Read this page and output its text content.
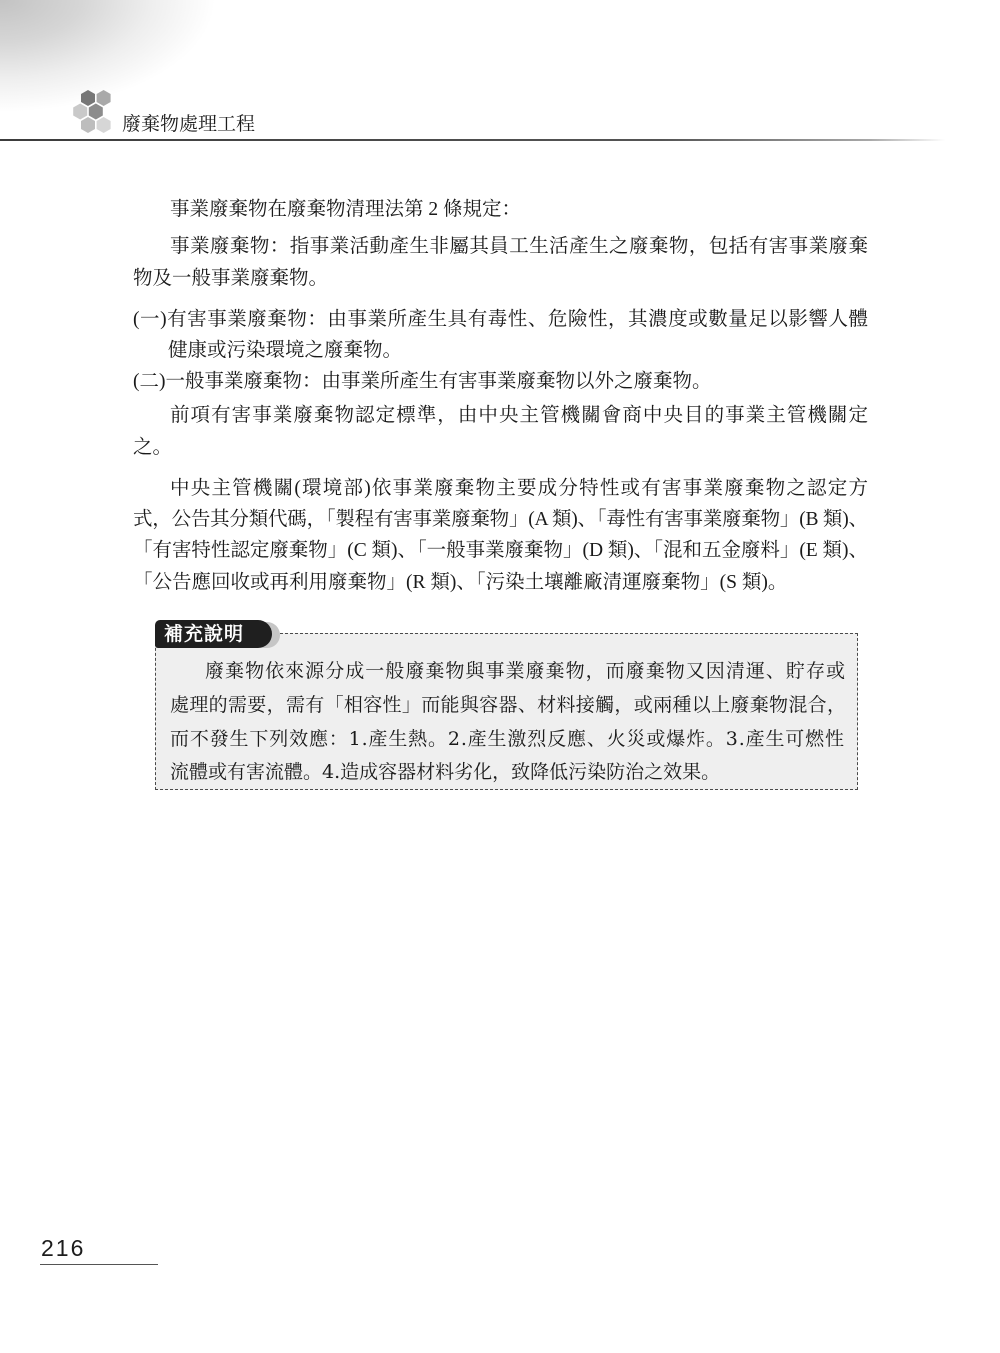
廢棄物處理工程
事業廢棄物在廢棄物清理法第 2 條規定：
事業廢棄物：指事業活動產生非屬其員工生活產生之廢棄物，包括有害事業廢棄
物及一般事業廢棄物。
(一)有害事業廢棄物：由事業所產生具有毒性、危險性，其濃度或數量足以影響人體
健康或污染環境之廢棄物。
(二)一般事業廢棄物：由事業所產生有害事業廢棄物以外之廢棄物。
前項有害事業廢棄物認定標準，由中央主管機關會商中央目的事業主管機關定
之。
中央主管機關(環境部)依事業廢棄物主要成分特性或有害事業廢棄物之認定方
式，公告其分類代碼，「製程有害事業廢棄物」(A 類)、「毒性有害事業廢棄物」(B 類)、
「有害特性認定廢棄物」(C 類)、「一般事業廢棄物」(D 類)、「混和五金廢料」(E 類)、
「公告應回收或再利用廢棄物」(R 類)、「污染土壤離廠清運廢棄物」(S 類)。
補充說明
廢棄物依來源分成一般廢棄物與事業廢棄物，而廢棄物又因清運、貯存或
處理的需要，需有「相容性」而能與容器、材料接觸，或兩種以上廢棄物混合，
而不發生下列效應：1.產生熱。2.產生激烈反應、火災或爆炸。3.產生可燃性
流體或有害流體。4.造成容器材料劣化，致降低污染防治之效果。
216
